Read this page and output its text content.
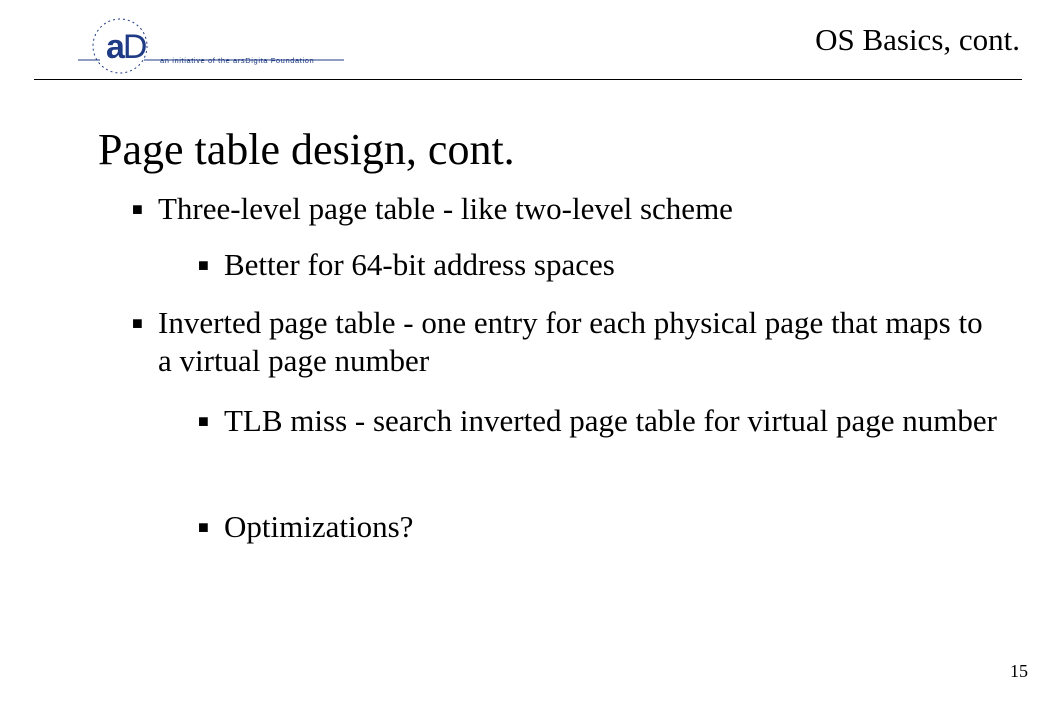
aD an initiative of the arsDigita Foundation
OS Basics, cont.
Page table design, cont.
■ Three-level page table - like two-level scheme
■ Better for 64-bit address spaces
■ Inverted page table - one entry for each physical page that maps to a virtual page number
■ TLB miss - search inverted page table for virtual page number
■ Optimizations?
15
